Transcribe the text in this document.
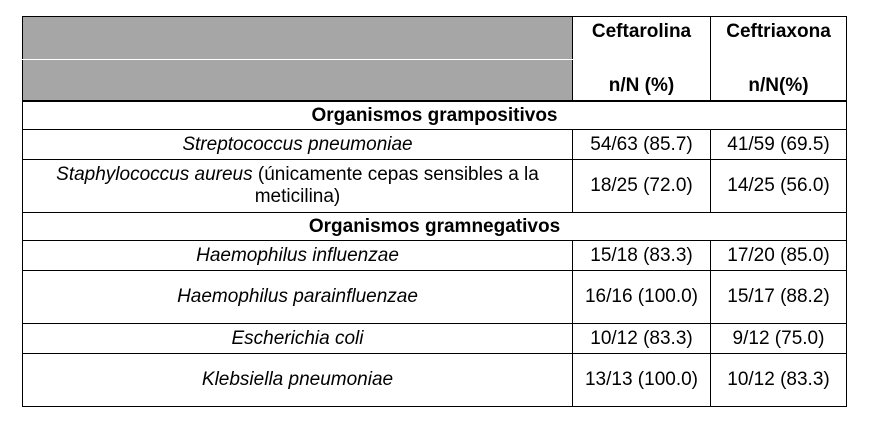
	Ceftarolina	Ceftriaxona
	n/N (%)	n/N(%)
Organismos grampositivos		
Streptococcus pneumoniae	54/63 (85.7)	41/59 (69.5)
Staphylococcus aureus (únicamente cepas sensibles a la meticilina)	18/25 (72.0)	14/25 (56.0)
Organismos gramnegativos		
Haemophilus influenzae	15/18 (83.3)	17/20 (85.0)
Haemophilus parainfluenzae	16/16 (100.0)	15/17 (88.2)
Escherichia coli	10/12 (83.3)	9/12 (75.0)
Klebsiella pneumoniae	13/13 (100.0)	10/12 (83.3)
